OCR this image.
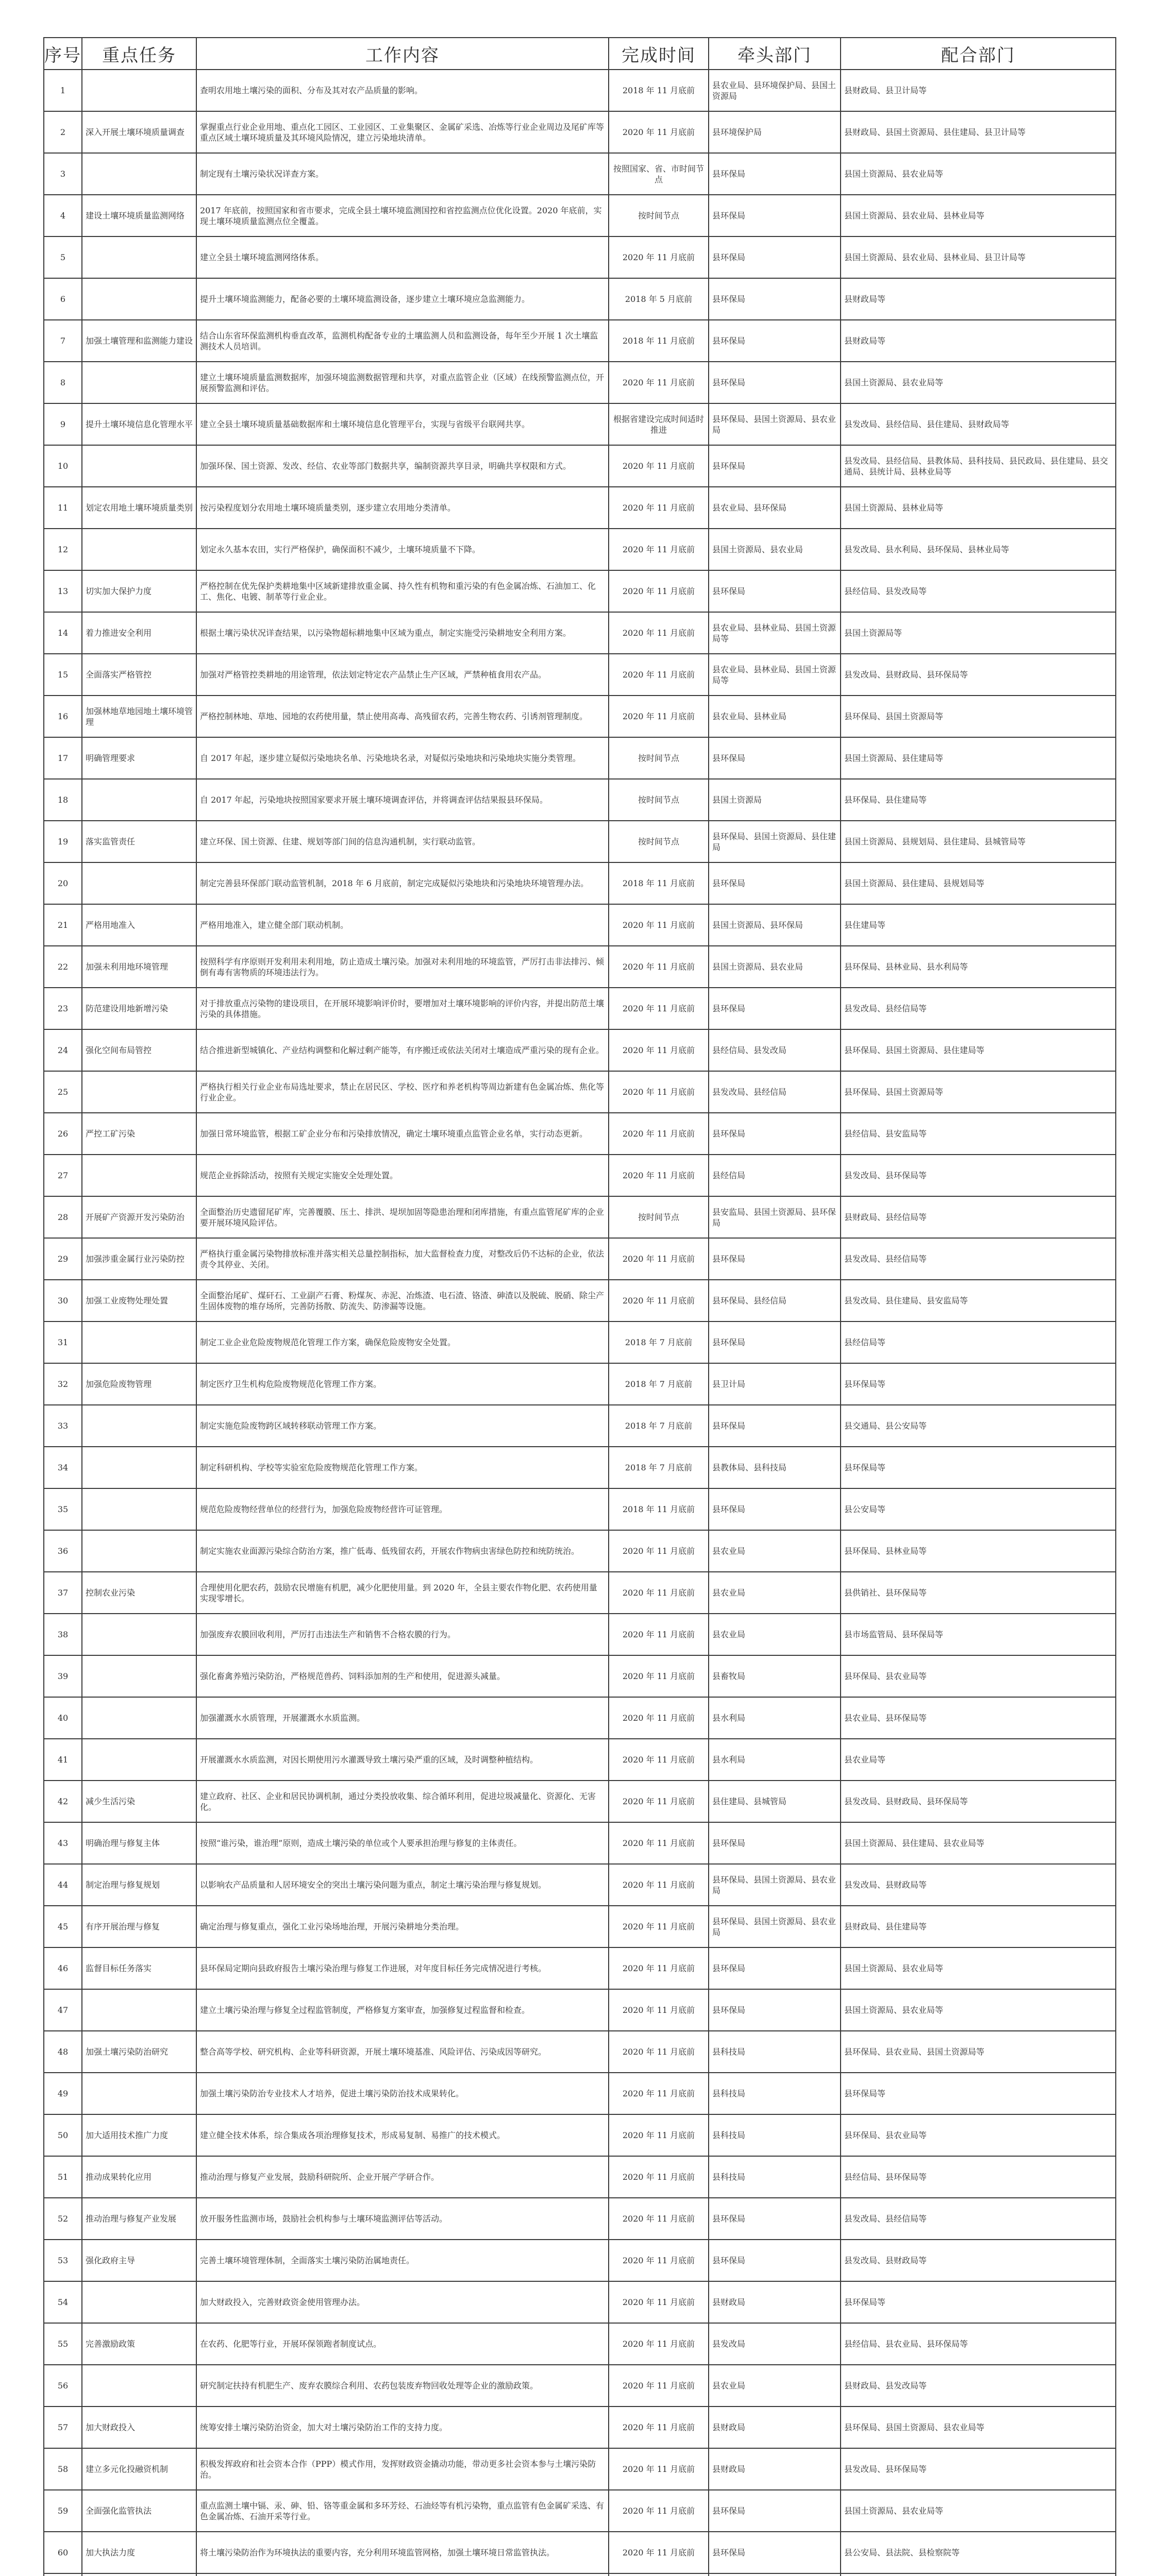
序号	重点任务	工作内容	完成时间	牵头部门	配合部门
1		查明农用地土壤污染的面积、分布及其对农产品质量的影响。	2018 年 11 月底前	县农业局、县环境保护局、县国土资源局	县财政局、县卫计局等
2	深入开展土壤环境质量调查	掌握重点行业企业用地、重点化工园区、工业园区、工业集聚区、金属矿采选、冶炼等行业企业周边及尾矿库等重点区域土壤环境质量及其环境风险情况，建立污染地块清单。	2020 年 11 月底前	县环境保护局	县财政局、县国土资源局、县住建局、县卫计局等
3		制定现有土壤污染状况详查方案。	按照国家、省、市时间节点	县环保局	县国土资源局、县农业局等
4	建设土壤环境质量监测网络	2017 年底前，按照国家和省市要求，完成全县土壤环境监测国控和省控监测点位优化设置。2020 年底前，实现土壤环境质量监测点位全覆盖。	按时间节点	县环保局	县国土资源局、县农业局、县林业局等
5		建立全县土壤环境监测网络体系。	2020 年 11 月底前	县环保局	县国土资源局、县农业局、县林业局、县卫计局等
6		提升土壤环境监测能力，配备必要的土壤环境监测设备，逐步建立土壤环境应急监测能力。	2018 年 5 月底前	县环保局	县财政局等
7	加强土壤管理和监测能力建设	结合山东省环保监测机构垂直改革，监测机构配备专业的土壤监测人员和监测设备，每年至少开展 1 次土壤监测技术人员培训。	2018 年 11 月底前	县环保局	县财政局等
8		建立土壤环境质量监测数据库，加强环境监测数据管理和共享，对重点监管企业（区域）在线预警监测点位，开展预警监测和评估。	2020 年 11 月底前	县环保局	县国土资源局、县农业局等
9	提升土壤环境信息化管理水平	建立全县土壤环境质量基础数据库和土壤环境信息化管理平台，实现与省级平台联网共享。	根据省建设完成时间适时推进	县环保局、县国土资源局、县农业局	县发改局、县经信局、县住建局、县财政局等
10		加强环保、国土资源、发改、经信、农业等部门数据共享，编制资源共享目录，明确共享权限和方式。	2020 年 11 月底前	县环保局	县发改局、县经信局、县教体局、县科技局、县民政局、县住建局、县交通局、县统计局、县林业局等
11	划定农用地土壤环境质量类别	按污染程度划分农用地土壤环境质量类别，逐步建立农用地分类清单。	2020 年 11 月底前	县农业局、县环保局	县国土资源局、县林业局等
12		划定永久基本农田，实行严格保护，确保面积不减少，土壤环境质量不下降。	2020 年 11 月底前	县国土资源局、县农业局	县发改局、县水利局、县环保局、县林业局等
13	切实加大保护力度	严格控制在优先保护类耕地集中区域新建排放重金属、持久性有机物和重污染的有色金属冶炼、石油加工、化工、焦化、电镀、制革等行业企业。	2020 年 11 月底前	县环保局	县经信局、县发改局等
14	着力推进安全利用	根据土壤污染状况详查结果，以污染物超标耕地集中区域为重点，制定实施受污染耕地安全利用方案。	2020 年 11 月底前	县农业局、县林业局、县国土资源局等	县国土资源局等
15	全面落实严格管控	加强对严格管控类耕地的用途管理，依法划定特定农产品禁止生产区域，严禁种植食用农产品。	2020 年 11 月底前	县农业局、县林业局、县国土资源局等	县发改局、县财政局、县环保局等
16	加强林地草地园地土壤环境管理	严格控制林地、草地、园地的农药使用量，禁止使用高毒、高残留农药，完善生物农药、引诱剂管理制度。	2020 年 11 月底前	县农业局、县林业局	县环保局、县国土资源局等
17	明确管理要求	自 2017 年起，逐步建立疑似污染地块名单、污染地块名录，对疑似污染地块和污染地块实施分类管理。	按时间节点	县环保局	县国土资源局、县住建局等
18		自 2017 年起，污染地块按照国家要求开展土壤环境调查评估，并将调查评估结果报县环保局。	按时间节点	县国土资源局	县环保局、县住建局等
19	落实监管责任	建立环保、国土资源、住建、规划等部门间的信息沟通机制，实行联动监管。	按时间节点	县环保局、县国土资源局、县住建局	县国土资源局、县规划局、县住建局、县城管局等
20		制定完善县环保部门联动监管机制，2018 年 6 月底前，制定完成疑似污染地块和污染地块环境管理办法。	2018 年 11 月底前	县环保局	县国土资源局、县住建局、县规划局等
21	严格用地准入	严格用地准入，建立健全部门联动机制。	2020 年 11 月底前	县国土资源局、县环保局	县住建局等
22	加强未利用地环境管理	按照科学有序原则开发利用未利用地，防止造成土壤污染。加强对未利用地的环境监管，严厉打击非法排污、倾倒有毒有害物质的环境违法行为。	2020 年 11 月底前	县国土资源局、县农业局	县环保局、县林业局、县水利局等
23	防范建设用地新增污染	对于排放重点污染物的建设项目，在开展环境影响评价时，要增加对土壤环境影响的评价内容，并提出防范土壤污染的具体措施。	2020 年 11 月底前	县环保局	县发改局、县经信局等
24	强化空间布局管控	结合推进新型城镇化、产业结构调整和化解过剩产能等，有序搬迁或依法关闭对土壤造成严重污染的现有企业。	2020 年 11 月底前	县经信局、县发改局	县环保局、县国土资源局、县住建局等
25		严格执行相关行业企业布局选址要求，禁止在居民区、学校、医疗和养老机构等周边新建有色金属冶炼、焦化等行业企业。	2020 年 11 月底前	县发改局、县经信局	县环保局、县国土资源局等
26	严控工矿污染	加强日常环境监管，根据工矿企业分布和污染排放情况，确定土壤环境重点监管企业名单，实行动态更新。	2020 年 11 月底前	县环保局	县经信局、县安监局等
27		规范企业拆除活动，按照有关规定实施安全处理处置。	2020 年 11 月底前	县经信局	县发改局、县环保局等
28	开展矿产资源开发污染防治	全面整治历史遗留尾矿库，完善覆膜、压土、排洪、堤坝加固等隐患治理和闭库措施，有重点监管尾矿库的企业要开展环境风险评估。	按时间节点	县安监局、县国土资源局、县环保局	县财政局、县经信局等
29	加强涉重金属行业污染防控	严格执行重金属污染物排放标准并落实相关总量控制指标，加大监督检查力度，对整改后仍不达标的企业，依法责令其停业、关闭。	2020 年 11 月底前	县环保局	县发改局、县经信局等
30	加强工业废物处理处置	全面整治尾矿、煤矸石、工业副产石膏、粉煤灰、赤泥、冶炼渣、电石渣、铬渣、砷渣以及脱硫、脱硝、除尘产生固体废物的堆存场所，完善防扬散、防流失、防渗漏等设施。	2020 年 11 月底前	县环保局、县经信局	县发改局、县住建局、县安监局等
31		制定工业企业危险废物规范化管理工作方案，确保危险废物安全处置。	2018 年 7 月底前	县环保局	县经信局等
32	加强危险废物管理	制定医疗卫生机构危险废物规范化管理工作方案。	2018 年 7 月底前	县卫计局	县环保局等
33		制定实施危险废物跨区域转移联动管理工作方案。	2018 年 7 月底前	县环保局	县交通局、县公安局等
34		制定科研机构、学校等实验室危险废物规范化管理工作方案。	2018 年 7 月底前	县教体局、县科技局	县环保局等
35		规范危险废物经营单位的经营行为，加强危险废物经营许可证管理。	2018 年 11 月底前	县环保局	县公安局等
36		制定实施农业面源污染综合防治方案，推广低毒、低残留农药，开展农作物病虫害绿色防控和统防统治。	2020 年 11 月底前	县农业局	县环保局、县林业局等
37	控制农业污染	合理使用化肥农药，鼓励农民增施有机肥，减少化肥使用量。到 2020 年，全县主要农作物化肥、农药使用量实现零增长。	2020 年 11 月底前	县农业局	县供销社、县环保局等
38		加强废弃农膜回收利用，严厉打击违法生产和销售不合格农膜的行为。	2020 年 11 月底前	县农业局	县市场监管局、县环保局等
39		强化畜禽养殖污染防治，严格规范兽药、饲料添加剂的生产和使用，促进源头减量。	2020 年 11 月底前	县畜牧局	县环保局、县农业局等
40		加强灌溉水水质管理，开展灌溉水水质监测。	2020 年 11 月底前	县水利局	县农业局、县环保局等
41		开展灌溉水水质监测，对因长期使用污水灌溉导致土壤污染严重的区域，及时调整种植结构。	2020 年 11 月底前	县水利局	县农业局等
42	减少生活污染	建立政府、社区、企业和居民协调机制，通过分类投放收集、综合循环利用，促进垃圾减量化、资源化、无害化。	2020 年 11 月底前	县住建局、县城管局	县发改局、县财政局、县环保局等
43	明确治理与修复主体	按照“谁污染，谁治理”原则，造成土壤污染的单位或个人要承担治理与修复的主体责任。	2020 年 11 月底前	县环保局	县国土资源局、县住建局、县农业局等
44	制定治理与修复规划	以影响农产品质量和人居环境安全的突出土壤污染问题为重点，制定土壤污染治理与修复规划。	2020 年 11 月底前	县环保局、县国土资源局、县农业局	县发改局、县财政局等
45	有序开展治理与修复	确定治理与修复重点，强化工业污染场地治理，开展污染耕地分类治理。	2020 年 11 月底前	县环保局、县国土资源局、县农业局	县财政局、县住建局等
46	监督目标任务落实	县环保局定期向县政府报告土壤污染治理与修复工作进展，对年度目标任务完成情况进行考核。	2020 年 11 月底前	县环保局	县国土资源局、县农业局等
47		建立土壤污染治理与修复全过程监管制度，严格修复方案审查，加强修复过程监督和检查。	2020 年 11 月底前	县环保局	县国土资源局、县农业局等
48	加强土壤污染防治研究	整合高等学校、研究机构、企业等科研资源，开展土壤环境基准、风险评估、污染成因等研究。	2020 年 11 月底前	县科技局	县环保局、县农业局、县国土资源局等
49		加强土壤污染防治专业技术人才培养，促进土壤污染防治技术成果转化。	2020 年 11 月底前	县科技局	县环保局等
50	加大适用技术推广力度	建立健全技术体系，综合集成各项治理修复技术，形成易复制、易推广的技术模式。	2020 年 11 月底前	县科技局	县环保局、县农业局等
51	推动成果转化应用	推动治理与修复产业发展，鼓励科研院所、企业开展产学研合作。	2020 年 11 月底前	县科技局	县经信局、县环保局等
52	推动治理与修复产业发展	放开服务性监测市场，鼓励社会机构参与土壤环境监测评估等活动。	2020 年 11 月底前	县环保局	县发改局、县经信局等
53	强化政府主导	完善土壤环境管理体制，全面落实土壤污染防治属地责任。	2020 年 11 月底前	县环保局	县发改局、县财政局等
54		加大财政投入，完善财政资金使用管理办法。	2020 年 11 月底前	县财政局	县环保局等
55	完善激励政策	在农药、化肥等行业，开展环保领跑者制度试点。	2020 年 11 月底前	县发改局	县经信局、县农业局、县环保局等
56		研究制定扶持有机肥生产、废弃农膜综合利用、农药包装废弃物回收处理等企业的激励政策。	2020 年 11 月底前	县农业局	县财政局、县发改局等
57	加大财政投入	统筹安排土壤污染防治资金，加大对土壤污染防治工作的支持力度。	2020 年 11 月底前	县财政局	县环保局、县国土资源局、县农业局等
58	建立多元化投融资机制	积极发挥政府和社会资本合作（PPP）模式作用，发挥财政资金撬动功能，带动更多社会资本参与土壤污染防治。	2020 年 11 月底前	县财政局	县发改局、县环保局等
59	全面强化监管执法	重点监测土壤中镉、汞、砷、铅、铬等重金属和多环芳烃、石油烃等有机污染物，重点监管有色金属矿采选、有色金属冶炼、石油开采等行业。	2020 年 11 月底前	县环保局	县国土资源局、县农业局等
60	加大执法力度	将土壤污染防治作为环境执法的重要内容，充分利用环境监管网格，加强土壤环境日常监管执法。	2020 年 11 月底前	县环保局	县公安局、县法院、县检察院等
